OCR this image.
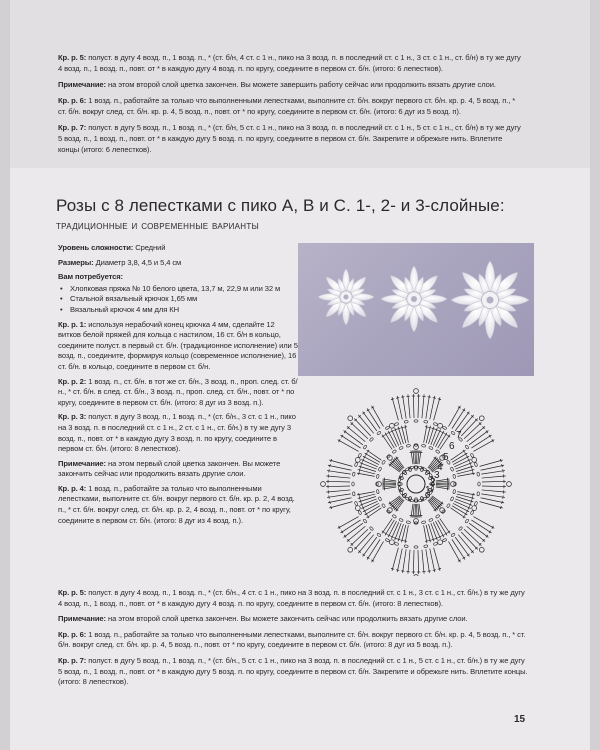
Кр. р. 5: полуст. в дугу 4 возд. п., 1 возд. п., * (ст. б/н, 4 ст. с 1 н., пико на 3 возд. п. в последний ст. с 1 н., 3 ст. с 1 н., ст. б/н) в ту же дугу 4 возд. п., 1 возд. п., повт. от * в каждую дугу 4 возд. п. по кругу, соедините в первом ст. б/н. (итого: 6 лепестков).

Примечание: на этом второй слой цветка закончен. Вы можете завершить работу сейчас или продолжить вязать другие слои.

Кр. р. 6: 1 возд. п., работайте за только что выполненными лепестками, выполните ст. б/н. вокруг первого ст. б/н. кр. р. 4, 5 возд. п., * ст. б/н. вокруг след. ст. б/н. кр. р. 4, 5 возд. п., повт. от * по кругу, соедините в первом ст. б/н. (итого: 6 дуг из 5 возд. п).

Кр. р. 7: полуст. в дугу 5 возд. п., 1 возд. п., * (ст. б/н, 5 ст. с 1 н., пико на 3 возд. п. в последний ст. с 1 н., 5 ст. с 1 н., ст. б/н) в ту же дугу 5 возд. п., 1 возд. п., повт. от * в каждую дугу 5 возд. п. по кругу, соедините в первом ст. б/н. Закрепите и обрежьте нить. Вплетите концы (итого: 6 лепестков).

Розы с 8 лепестками с пико А, В и С. 1-, 2- и 3-слойные:
традиционные и современные варианты

Уровень сложности: Средний

Размеры: Диаметр 3,8, 4,5 и 5,4 см

Вам потребуется:

• Хлопковая пряжа № 10 белого цвета, 13,7 м, 22,9 м или 32 м
• Стальной вязальный крючок 1,65 мм
• Вязальный крючок 4 мм для КН

Кр. р. 1: используя нерабочий конец крючка 4 мм, сделайте 12 витков белой пряжей для кольца с настилом, 16 ст. б/н в кольцо, соедините полуст. в первый ст. б/н. (традиционное исполнение) или 5 возд. п., соедините, формируя кольцо (современное исполнение), 16 ст. б/н. в кольцо, соедините в первом ст. б/н.

Кр. р. 2: 1 возд. п., ст. б/н. в тот же ст. б/н., 3 возд. п., проп. след. ст. б/н., * ст. б/н. в след. ст. б/н., 3 возд. п., проп. след. ст. б/н., повт. от * по кругу, соедините в первом ст. б/н. (итого: 8 дуг из 3 возд. п.).

Кр. р. 3: полуст. в дугу 3 возд. п., 1 возд. п., * (ст. б/н., 3 ст. с 1 н., пико на 3 возд. п. в последний ст. с 1 н., 2 ст. с 1 н., ст. б/н.) в ту же дугу 3 возд. п., повт. от * в каждую дугу 3 возд. п. по кругу, соедините в первом ст. б/н. (итого: 8 лепестков).

Примечание: на этом первый слой цветка закончен. Вы можете закончить сейчас или продолжить вязать другие слои.

Кр. р. 4: 1 возд. п., работайте за только что выполненными лепестками, выполните ст. б/н. вокруг первого ст. б/н. кр. р. 2, 4 возд. п., * ст. б/н. вокруг след. ст. б/н. кр. р. 2, 4 возд. п., повт. от * по кругу, соедините в первом ст. б/н. (итого: 8 дуг из 4 возд. п.).

Кр. р. 5: полуст. в дугу 4 возд. п., 1 возд. п., * (ст. б/н., 4 ст. с 1 н., пико на 3 возд. п. в последний ст. с 1 н., 3 ст. с 1 н., ст. б/н.) в ту же дугу 4 возд. п., 1 возд. п., повт. от * в каждую дугу 4 возд. п. по кругу, соедините в первом ст. б/н. (итого: 8 лепестков).

Примечание: на этом второй слой цветка закончен. Вы можете закончить сейчас или продолжить вязать другие слои.

Кр. р. 6: 1 возд. п., работайте за только что выполненными лепестками, выполните ст. б/н. вокруг первого ст. б/н. кр. р. 4, 5 возд. п., * ст. б/н. вокруг след. ст. б/н. кр. р. 4, 5 возд. п., повт. от * по кругу, соедините в первом ст. б/н. (итого: 8 дуг из 5 возд. п.).

Кр. р. 7: полуст. в дугу 5 возд. п., 1 возд. п., * (ст. б/н., 5 ст. с 1 н., пико на 3 возд. п. в последний ст. с 1 н., 5 ст. с 1 н., ст. б/н.) в ту же дугу 5 возд. п., 1 возд. п., повт. от * в каждую дугу 5 возд. п. по кругу, соедините в первом ст. б/н. Закрепите и обрежьте нить. Вплетите концы. (итого: 8 лепестков).

7
6
5
4
3
2
1
15
